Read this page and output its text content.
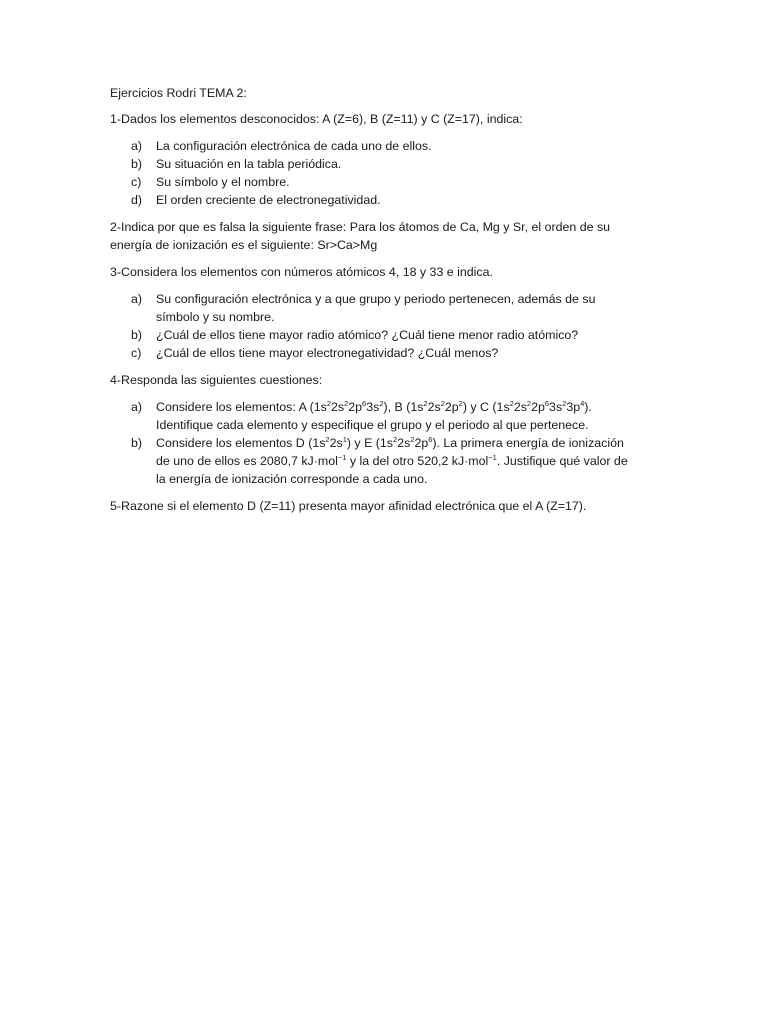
Ejercicios Rodri TEMA 2:

1-Dados los elementos desconocidos: A (Z=6), B (Z=11) y C (Z=17), indica:

a) La configuración electrónica de cada uno de ellos.
b) Su situación en la tabla periódica.
c) Su símbolo y el nombre.
d) El orden creciente de electronegatividad.

2-Indica por que es falsa la siguiente frase: Para los átomos de Ca, Mg y Sr, el orden de su energía de ionización es el siguiente: Sr>Ca>Mg

3-Considera los elementos con números atómicos 4, 18 y 33 e indica.

a) Su configuración electrónica y a que grupo y periodo pertenecen, además de su símbolo y su nombre.
b) ¿Cuál de ellos tiene mayor radio atómico? ¿Cuál tiene menor radio atómico?
c) ¿Cuál de ellos tiene mayor electronegatividad? ¿Cuál menos?

4-Responda las siguientes cuestiones:

a) Considere los elementos: A $(1s^22s^22p^63s^2)$, B $(1s^22s^22p^2)$ y C $(1s^22s^22p^63s^23p^4)$. Identifique cada elemento y especifique el grupo y el periodo al que pertenece.
b) Considere los elementos D $(1s^22s^1)$ y E $(1s^22s^22p^6)$. La primera energía de ionización de uno de ellos es 2080,7 kJ·mol$^{-1}$ y la del otro 520,2 kJ·mol$^{-1}$. Justifique qué valor de la energía de ionización corresponde a cada uno.

5-Razone si el elemento D (Z=11) presenta mayor afinidad electrónica que el A (Z=17).
